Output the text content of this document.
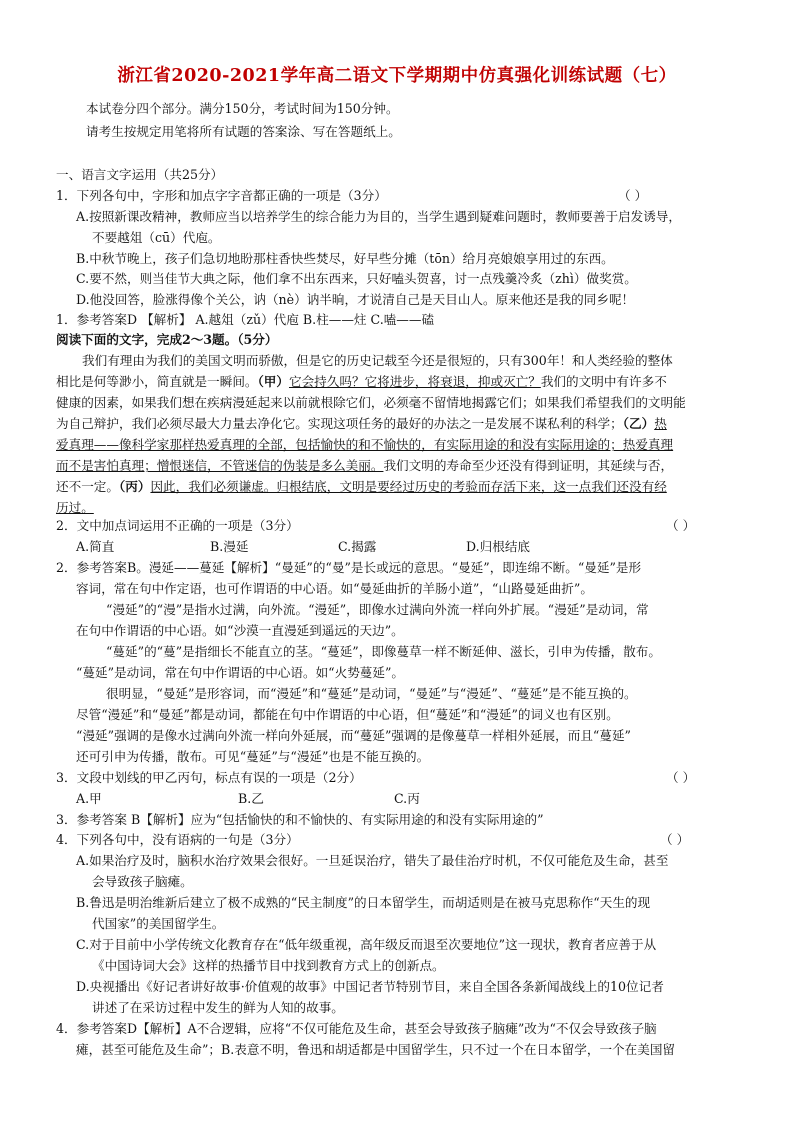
浙江省2020-2021学年高二语文下学期期中仿真强化训练试题（七）
本试卷分四个部分。满分150分，考试时间为150分钟。
请考生按规定用笔将所有试题的答案涂、写在答题纸上。
一、语言文字运用（共25分）
1．下列各句中，字形和加点字字音都正确的一项是（3分）	（ ）
A.按照新课改精神，教师应当以培养学生的综合能力为目的，当学生遇到疑难问题时，教师要善于启发诱导，
不要越俎（cū）代庖。
B.中秋节晚上，孩子们急切地盼那柱香快些焚尽，好早些分摊（tōn）给月亮娘娘享用过的东西。
C.要不然，则当佳节大典之际，他们拿不出东西来，只好嗑头贺喜，讨一点残羹冷炙（zhì）做奖赏。
D.他没回答，脸涨得像个关公，讷（nè）讷半晌，才说清自己是天目山人。原来他还是我的同乡呢！
1．参考答案D 【解析】 A.越俎（zǔ）代庖 B.柱——炷 C.嗑——磕
阅读下面的文字，完成2～3题。（5分）
我们有理由为我们的美国文明而骄傲，但是它的历史记载至今还是很短的，只有300年！和人类经验的整体
相比是何等渺小，简直就是一瞬间。（甲）它会持久吗？它将进步，将衰退，抑或灭亡？我们的文明中有许多不
健康的因素，如果我们想在疾病漫延起来以前就根除它们，必须毫不留情地揭露它们；如果我们希望我们的文明能
为自己辩护，我们必须尽最大力量去净化它。实现这项任务的最好的办法之一是发展不谋私利的科学；（乙）热
爱真理——像科学家那样热爱真理的全部，包括愉快的和不愉快的，有实际用途的和没有实际用途的；热爱真理
而不是害怕真理；憎恨迷信，不管迷信的伪装是多么美丽。我们文明的寿命至少还没有得到证明，其延续与否，
还不一定。（丙）因此，我们必须谦虚。归根结底，文明是要经过历史的考验而存活下来，这一点我们还没有经
历过。
2．文中加点词运用不正确的一项是（3分）	（ ）
A.简直	B.漫延	C.揭露	D.归根结底
2．参考答案B。漫延——蔓延【解析】“曼延”的“曼”是长或远的意思。“曼延”，即连绵不断。“曼延”是形
容词，常在句中作定语，也可作谓语的中心语。如“曼延曲折的羊肠小道”，“山路曼延曲折”。
“漫延”的“漫”是指水过满，向外流。“漫延”，即像水过满向外流一样向外扩展。“漫延”是动词，常
在句中作谓语的中心语。如“沙漠一直漫延到遥远的天边”。
“蔓延”的“蔓”是指细长不能直立的茎。“蔓延”，即像蔓草一样不断延伸、滋长，引申为传播，散布。
“蔓延”是动词，常在句中作谓语的中心语。如“火势蔓延”。
很明显，“曼延”是形容词，而“漫延”和“蔓延”是动词，“曼延”与“漫延”、“蔓延”是不能互换的。
尽管“漫延”和“曼延”都是动词，都能在句中作谓语的中心语，但“蔓延”和“漫延”的词义也有区别。
“漫延”强调的是像水过满向外流一样向外延展，而“蔓延”强调的是像蔓草一样相外延展，而且“蔓延”
还可引申为传播，散布。可见“蔓延”与“漫延”也是不能互换的。
3．文段中划线的甲乙丙句，标点有误的一项是（2分）	（ ）
A.甲	B.乙	C.丙
3．参考答案 B【解析】应为“包括愉快的和不愉快的、有实际用途的和没有实际用途的”
4．下列各句中，没有语病的一句是（3分）	（ ）
A.如果治疗及时，脑积水治疗效果会很好。一旦延误治疗，错失了最佳治疗时机，不仅可能危及生命，甚至
会导致孩子脑瘫。
B.鲁迅是明治维新后建立了极不成熟的“民主制度”的日本留学生，而胡适则是在被马克思称作“天生的现
代国家”的美国留学生。
C.对于目前中小学传统文化教育存在“低年级重视，高年级反而退至次要地位”这一现状，教育者应善于从
《中国诗词大会》这样的热播节目中找到教育方式上的创新点。
D.央视播出《好记者讲好故事·价值观的故事》中国记者节特别节目，来自全国各条新闻战线上的10位记者
讲述了在采访过程中发生的鲜为人知的故事。
4．参考答案D【解析】A不合逻辑，应将“不仅可能危及生命，甚至会导致孩子脑瘫”改为“不仅会导致孩子脑
瘫，甚至可能危及生命”；B.表意不明，鲁迅和胡适都是中国留学生，只不过一个在日本留学，一个在美国留
